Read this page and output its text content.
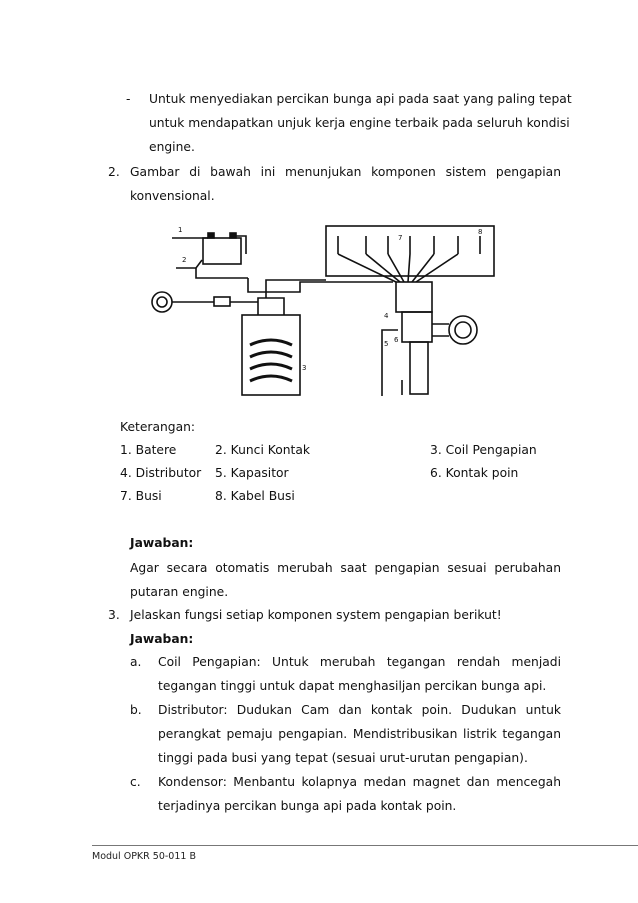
- Untuk menyediakan percikan bunga api pada saat yang paling tepat
untuk mendapatkan unjuk kerja engine terbaik pada seluruh kondisi
engine.
2. Gambar di bawah ini menunjukan komponen sistem pengapian
konvensional.
1
2
3
4
5 6
7
8
Keterangan:
1. Batere	2. Kunci Kontak	3. Coil Pengapian
4. Distributor 5. Kapasitor	6. Kontak poin
7. Busi	8. Kabel Busi
Jawaban:
Agar secara otomatis merubah saat pengapian sesuai perubahan
putaran engine.
3. Jelaskan fungsi setiap komponen system pengapian berikut!
Jawaban:
a. Coil Pengapian: Untuk merubah tegangan rendah menjadi
tegangan tinggi untuk dapat menghasiljan percikan bunga api.
b. Distributor: Dudukan Cam dan kontak poin. Dudukan untuk
perangkat pemaju pengapian. Mendistribusikan listrik tegangan
tinggi pada busi yang tepat (sesuai urut-urutan pengapian).
c. Kondensor: Menbantu kolapnya medan magnet dan mencegah
terjadinya percikan bunga api pada kontak poin.
Modul OPKR 50-011 B
